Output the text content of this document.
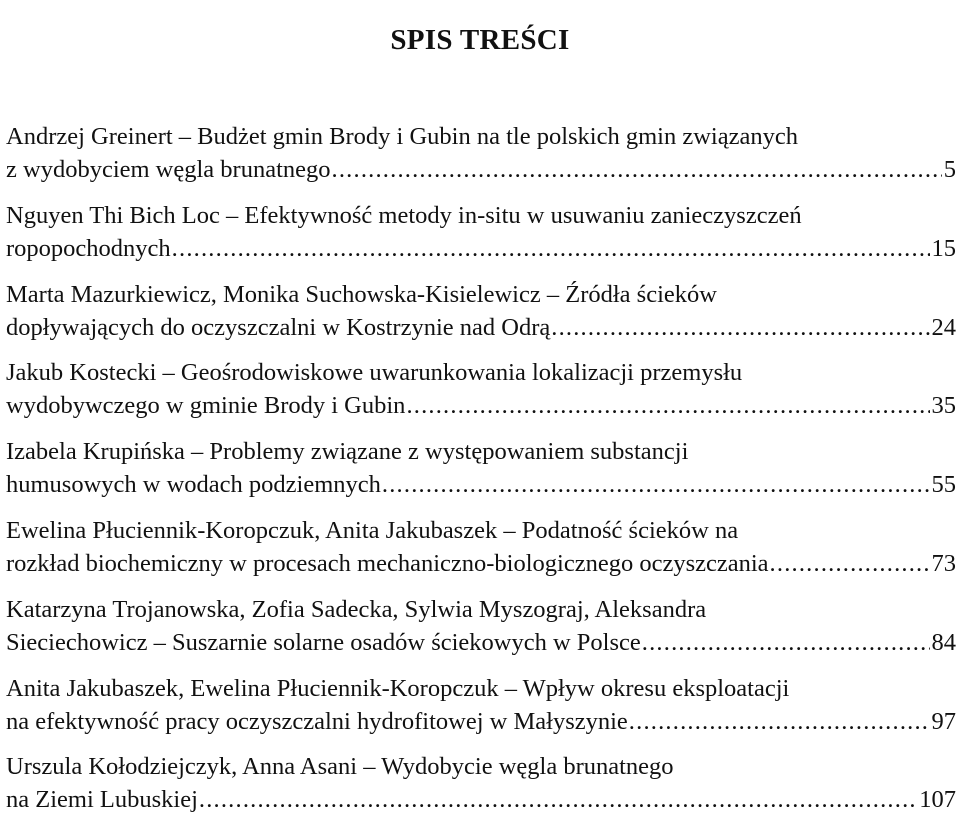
SPIS TREŚCI
Andrzej Greinert – Budżet gmin Brody i Gubin na tle polskich gmin związanych
z wydobyciem węgla brunatnego .....	5
Nguyen Thi Bich Loc – Efektywność metody in-situ w usuwaniu zanieczyszczeń
ropopochodnych .....	15
Marta Mazurkiewicz, Monika Suchowska-Kisielewicz – Źródła ścieków
dopływających do oczyszczalni w Kostrzynie nad Odrą .....	24
Jakub Kostecki – Geośrodowiskowe uwarunkowania lokalizacji przemysłu
wydobywczego w gminie Brody i Gubin .....	35
Izabela Krupińska – Problemy związane z występowaniem substancji
humusowych w wodach podziemnych .....	55
Ewelina Płuciennik-Koropczuk, Anita Jakubaszek – Podatność ścieków na
rozkład biochemiczny w procesach mechaniczno-biologicznego oczyszczania .....	73
Katarzyna Trojanowska, Zofia Sadecka, Sylwia Myszograj, Aleksandra
Sieciechowicz – Suszarnie solarne osadów ściekowych w Polsce .....	84
Anita Jakubaszek, Ewelina Płuciennik-Koropczuk – Wpływ okresu eksploatacji
na efektywność pracy oczyszczalni hydrofitowej w Małyszynie .....	97
Urszula Kołodziejczyk, Anna Asani – Wydobycie węgla brunatnego
na Ziemi Lubuskiej .....	107
